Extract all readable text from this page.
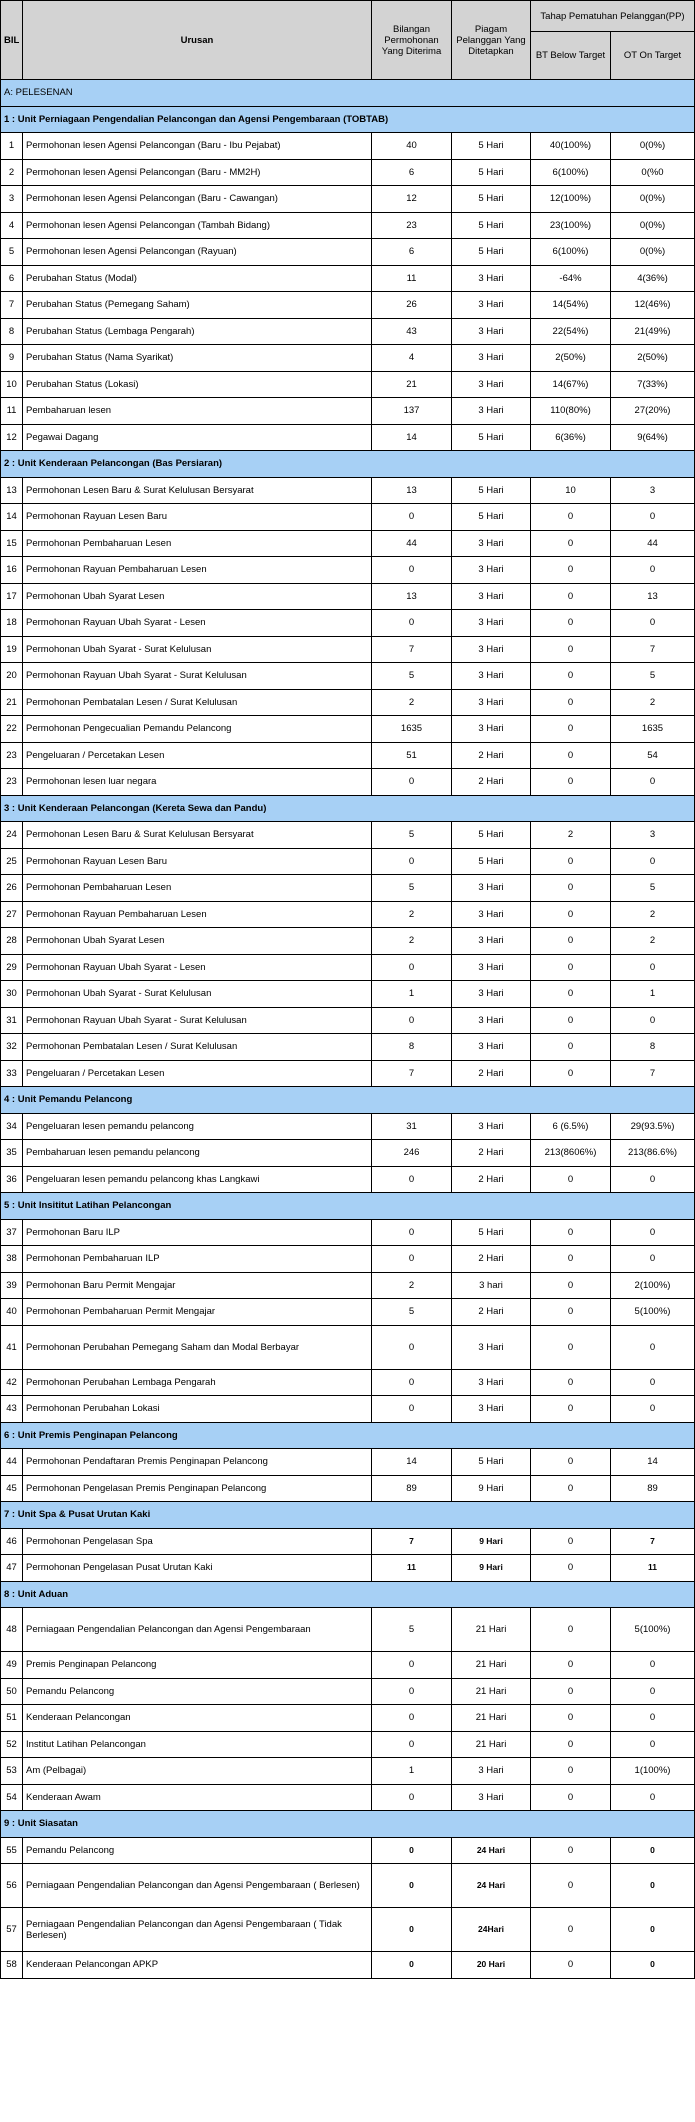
BIL	Urusan	Bilangan Permohonan Yang Diterima	Piagam Pelanggan Yang Ditetapkan	Tahap Pematuhan Pelanggan(PP)	
				BT Below Target	OT On Target
A: PELESENAN					
1 : Unit Perniagaan Pengendalian Pelancongan dan Agensi Pengembaraan (TOBTAB)					
1	Permohonan lesen Agensi Pelancongan (Baru - Ibu Pejabat)	40	5 Hari	40(100%)	0(0%)
2	Permohonan lesen Agensi Pelancongan (Baru - MM2H)	6	5 Hari	6(100%)	0(%0
3	Permohonan lesen Agensi Pelancongan (Baru - Cawangan)	12	5 Hari	12(100%)	0(0%)
4	Permohonan lesen Agensi Pelancongan (Tambah Bidang)	23	5 Hari	23(100%)	0(0%)
5	Permohonan lesen Agensi Pelancongan (Rayuan)	6	5 Hari	6(100%)	0(0%)
6	Perubahan Status (Modal)	11	3 Hari	-64%	4(36%)
7	Perubahan Status (Pemegang Saham)	26	3 Hari	14(54%)	12(46%)
8	Perubahan Status (Lembaga Pengarah)	43	3 Hari	22(54%)	21(49%)
9	Perubahan Status (Nama Syarikat)	4	3 Hari	2(50%)	2(50%)
10	Perubahan Status (Lokasi)	21	3 Hari	14(67%)	7(33%)
11	Pembaharuan lesen	137	3 Hari	110(80%)	27(20%)
12	Pegawai Dagang	14	5 Hari	6(36%)	9(64%)
2 : Unit Kenderaan Pelancongan (Bas Persiaran)					
13	Permohonan Lesen Baru & Surat Kelulusan Bersyarat	13	5 Hari	10	3
14	Permohonan Rayuan Lesen Baru	0	5 Hari	0	0
15	Permohonan Pembaharuan Lesen	44	3 Hari	0	44
16	Permohonan Rayuan Pembaharuan Lesen	0	3 Hari	0	0
17	Permohonan Ubah Syarat Lesen	13	3 Hari	0	13
18	Permohonan Rayuan Ubah Syarat - Lesen	0	3 Hari	0	0
19	Permohonan Ubah Syarat - Surat Kelulusan	7	3 Hari	0	7
20	Permohonan Rayuan Ubah Syarat - Surat Kelulusan	5	3 Hari	0	5
21	Permohonan Pembatalan Lesen / Surat Kelulusan	2	3 Hari	0	2
22	Permohonan Pengecualian Pemandu Pelancong	1635	3 Hari	0	1635
23	Pengeluaran / Percetakan Lesen	51	2 Hari	0	54
23	Permohonan lesen luar negara	0	2 Hari	0	0
3 : Unit Kenderaan Pelancongan (Kereta Sewa dan Pandu)					
24	Permohonan Lesen Baru & Surat Kelulusan Bersyarat	5	5 Hari	2	3
25	Permohonan Rayuan Lesen Baru	0	5 Hari	0	0
26	Permohonan Pembaharuan Lesen	5	3 Hari	0	5
27	Permohonan Rayuan Pembaharuan Lesen	2	3 Hari	0	2
28	Permohonan Ubah Syarat Lesen	2	3 Hari	0	2
29	Permohonan Rayuan Ubah Syarat - Lesen	0	3 Hari	0	0
30	Permohonan Ubah Syarat - Surat Kelulusan	1	3 Hari	0	1
31	Permohonan Rayuan Ubah Syarat - Surat Kelulusan	0	3 Hari	0	0
32	Permohonan Pembatalan Lesen / Surat Kelulusan	8	3 Hari	0	8
33	Pengeluaran / Percetakan Lesen	7	2 Hari	0	7
4 : Unit Pemandu Pelancong					
34	Pengeluaran lesen pemandu pelancong	31	3 Hari	6 (6.5%)	29(93.5%)
35	Pembaharuan lesen pemandu pelancong	246	2 Hari	213(8606%)	213(86.6%)
36	Pengeluaran lesen pemandu pelancong khas Langkawi	0	2 Hari	0	0
5 : Unit Insititut Latihan Pelancongan					
37	Permohonan Baru ILP	0	5 Hari	0	0
38	Permohonan Pembaharuan ILP	0	2 Hari	0	0
39	Permohonan Baru Permit Mengajar	2	3 hari	0	2(100%)
40	Permohonan Pembaharuan Permit Mengajar	5	2 Hari	0	5(100%)
41	Permohonan Perubahan Pemegang Saham dan Modal Berbayar	0	3 Hari	0	0
42	Permohonan Perubahan Lembaga Pengarah	0	3 Hari	0	0
43	Permohonan Perubahan Lokasi	0	3 Hari	0	0
6 : Unit Premis Penginapan Pelancong					
44	Permohonan Pendaftaran Premis Penginapan Pelancong	14	5 Hari	0	14
45	Permohonan Pengelasan Premis Penginapan Pelancong	89	9 Hari	0	89
7 : Unit Spa & Pusat Urutan Kaki					
46	Permohonan Pengelasan Spa	7	9 Hari	0	7
47	Permohonan Pengelasan Pusat Urutan Kaki	11	9 Hari	0	11
8 : Unit Aduan					
48	Perniagaan Pengendalian Pelancongan dan Agensi Pengembaraan	5	21 Hari	0	5(100%)
49	Premis Penginapan Pelancong	0	21 Hari	0	0
50	Pemandu Pelancong	0	21 Hari	0	0
51	Kenderaan Pelancongan	0	21 Hari	0	0
52	Institut Latihan Pelancongan	0	21 Hari	0	0
53	Am (Pelbagai)	1	3 Hari	0	1(100%)
54	Kenderaan Awam	0	3 Hari	0	0
9 : Unit Siasatan					
55	Pemandu Pelancong	0	24 Hari	0	0
56	Perniagaan Pengendalian Pelancongan dan Agensi Pengembaraan ( Berlesen)	0	24 Hari	0	0
57	Perniagaan Pengendalian Pelancongan dan Agensi Pengembaraan ( Tidak Berlesen)	0	24Hari	0	0
58	Kenderaan Pelancongan APKP	0	20 Hari	0	0
